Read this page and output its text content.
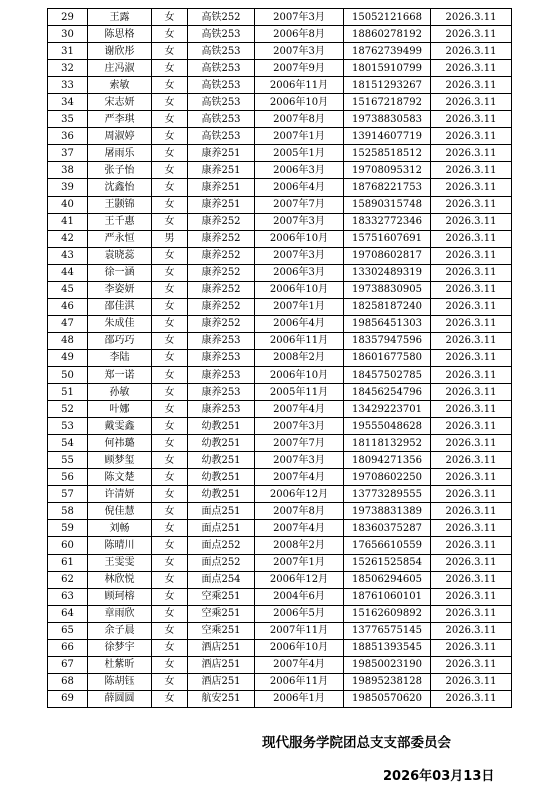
29	王露	女	高铁252	2007年3月	15052121668	2026.3.11
30	陈思格	女	高铁253	2006年8月	18860278192	2026.3.11
31	谢欣彤	女	高铁253	2007年3月	18762739499	2026.3.11
32	庄冯淑	女	高铁253	2007年9月	18015910799	2026.3.11
33	索敏	女	高铁253	2006年11月	18151293267	2026.3.11
34	宋志妍	女	高铁253	2006年10月	15167218792	2026.3.11
35	严李琪	女	高铁253	2007年8月	19738830583	2026.3.11
36	周淑婷	女	高铁253	2007年1月	13914607719	2026.3.11
37	屠雨乐	女	康养251	2005年1月	15258518512	2026.3.11
38	张子怡	女	康养251	2006年3月	19708095312	2026.3.11
39	沈鑫怡	女	康养251	2006年4月	18768221753	2026.3.11
40	王颢锦	女	康养251	2007年7月	15890315748	2026.3.11
41	王千惠	女	康养252	2007年3月	18332772346	2026.3.11
42	严永恒	男	康养252	2006年10月	15751607691	2026.3.11
43	袁晓蕊	女	康养252	2007年3月	19708602817	2026.3.11
44	徐一涵	女	康养252	2006年3月	13302489319	2026.3.11
45	李姿妍	女	康养252	2006年10月	19738830905	2026.3.11
46	邵佳淇	女	康养252	2007年1月	18258187240	2026.3.11
47	朱成佳	女	康养252	2006年4月	19856451303	2026.3.11
48	邵巧巧	女	康养253	2006年11月	18357947596	2026.3.11
49	李陆	女	康养253	2008年2月	18601677580	2026.3.11
50	郑一诺	女	康养253	2006年10月	18457502785	2026.3.11
51	孙敏	女	康养253	2005年11月	18456254796	2026.3.11
52	叶娜	女	康养253	2007年4月	13429223701	2026.3.11
53	戴雯鑫	女	幼教251	2007年3月	19555048628	2026.3.11
54	何祎璐	女	幼教251	2007年7月	18118132952	2026.3.11
55	顾梦玺	女	幼教251	2007年3月	18094271356	2026.3.11
56	陈文楚	女	幼教251	2007年4月	19708602250	2026.3.11
57	许清妍	女	幼教251	2006年12月	13773289555	2026.3.11
58	倪佳慧	女	面点251	2007年8月	19738831389	2026.3.11
59	刘畅	女	面点251	2007年4月	18360375287	2026.3.11
60	陈晴川	女	面点252	2008年2月	17656610559	2026.3.11
61	王雯雯	女	面点252	2007年1月	15261525854	2026.3.11
62	林欣悦	女	面点254	2006年12月	18506294605	2026.3.11
63	顾珂榕	女	空乘251	2004年6月	18761060101	2026.3.11
64	章雨欣	女	空乘251	2006年5月	15162609892	2026.3.11
65	余子晨	女	空乘251	2007年11月	13776575145	2026.3.11
66	徐梦宇	女	酒店251	2006年10月	18851393545	2026.3.11
67	杜紫昕	女	酒店251	2007年4月	19850023190	2026.3.11
68	陈胡钰	女	酒店251	2006年11月	19895238128	2026.3.11
69	薛圆圆	女	航安251	2006年1月	19850570620	2026.3.11
现代服务学院团总支支部委员会
2026年03月13日
